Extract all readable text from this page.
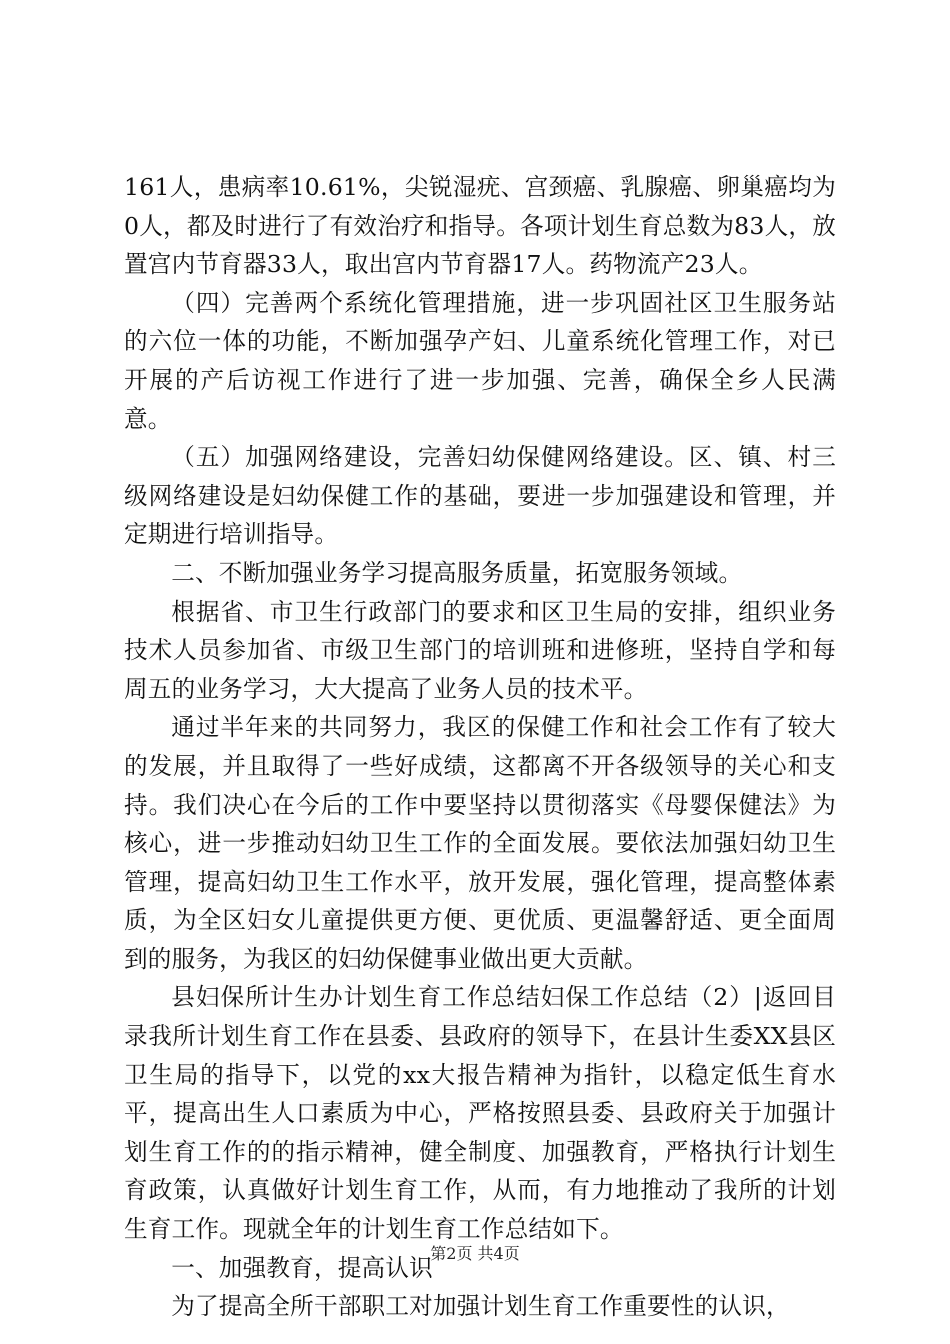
161人，患病率10.61%，尖锐湿疣、宫颈癌、乳腺癌、卵巢癌均为0人，都及时进行了有效治疗和指导。各项计划生育总数为83人，放置宫内节育器33人，取出宫内节育器17人。药物流产23人。

（四）完善两个系统化管理措施，进一步巩固社区卫生服务站的六位一体的功能，不断加强孕产妇、儿童系统化管理工作，对已开展的产后访视工作进行了进一步加强、完善，确保全乡人民满意。

（五）加强网络建设，完善妇幼保健网络建设。区、镇、村三级网络建设是妇幼保健工作的基础，要进一步加强建设和管理，并定期进行培训指导。

二、不断加强业务学习提高服务质量，拓宽服务领域。

根据省、市卫生行政部门的要求和区卫生局的安排，组织业务技术人员参加省、市级卫生部门的培训班和进修班，坚持自学和每周五的业务学习，大大提高了业务人员的技术平。

通过半年来的共同努力，我区的保健工作和社会工作有了较大的发展，并且取得了一些好成绩，这都离不开各级领导的关心和支持。我们决心在今后的工作中要坚持以贯彻落实《母婴保健法》为核心，进一步推动妇幼卫生工作的全面发展。要依法加强妇幼卫生管理，提高妇幼卫生工作水平，放开发展，强化管理，提高整体素质，为全区妇女儿童提供更方便、更优质、更温馨舒适、更全面周到的服务，为我区的妇幼保健事业做出更大贡献。

县妇保所计生办计划生育工作总结妇保工作总结（2）|返回目录我所计划生育工作在县委、县政府的领导下，在县计生委XX县区卫生局的指导下，以党的xx大报告精神为指针，以稳定低生育水平，提高出生人口素质为中心，严格按照县委、县政府关于加强计划生育工作的的指示精神，健全制度、加强教育，严格执行计划生育政策，认真做好计划生育工作，从而，有力地推动了我所的计划生育工作。现就全年的计划生育工作总结如下。

一、加强教育，提高认识

为了提高全所干部职工对加强计划生育工作重要性的认识，

第2页 共4页
